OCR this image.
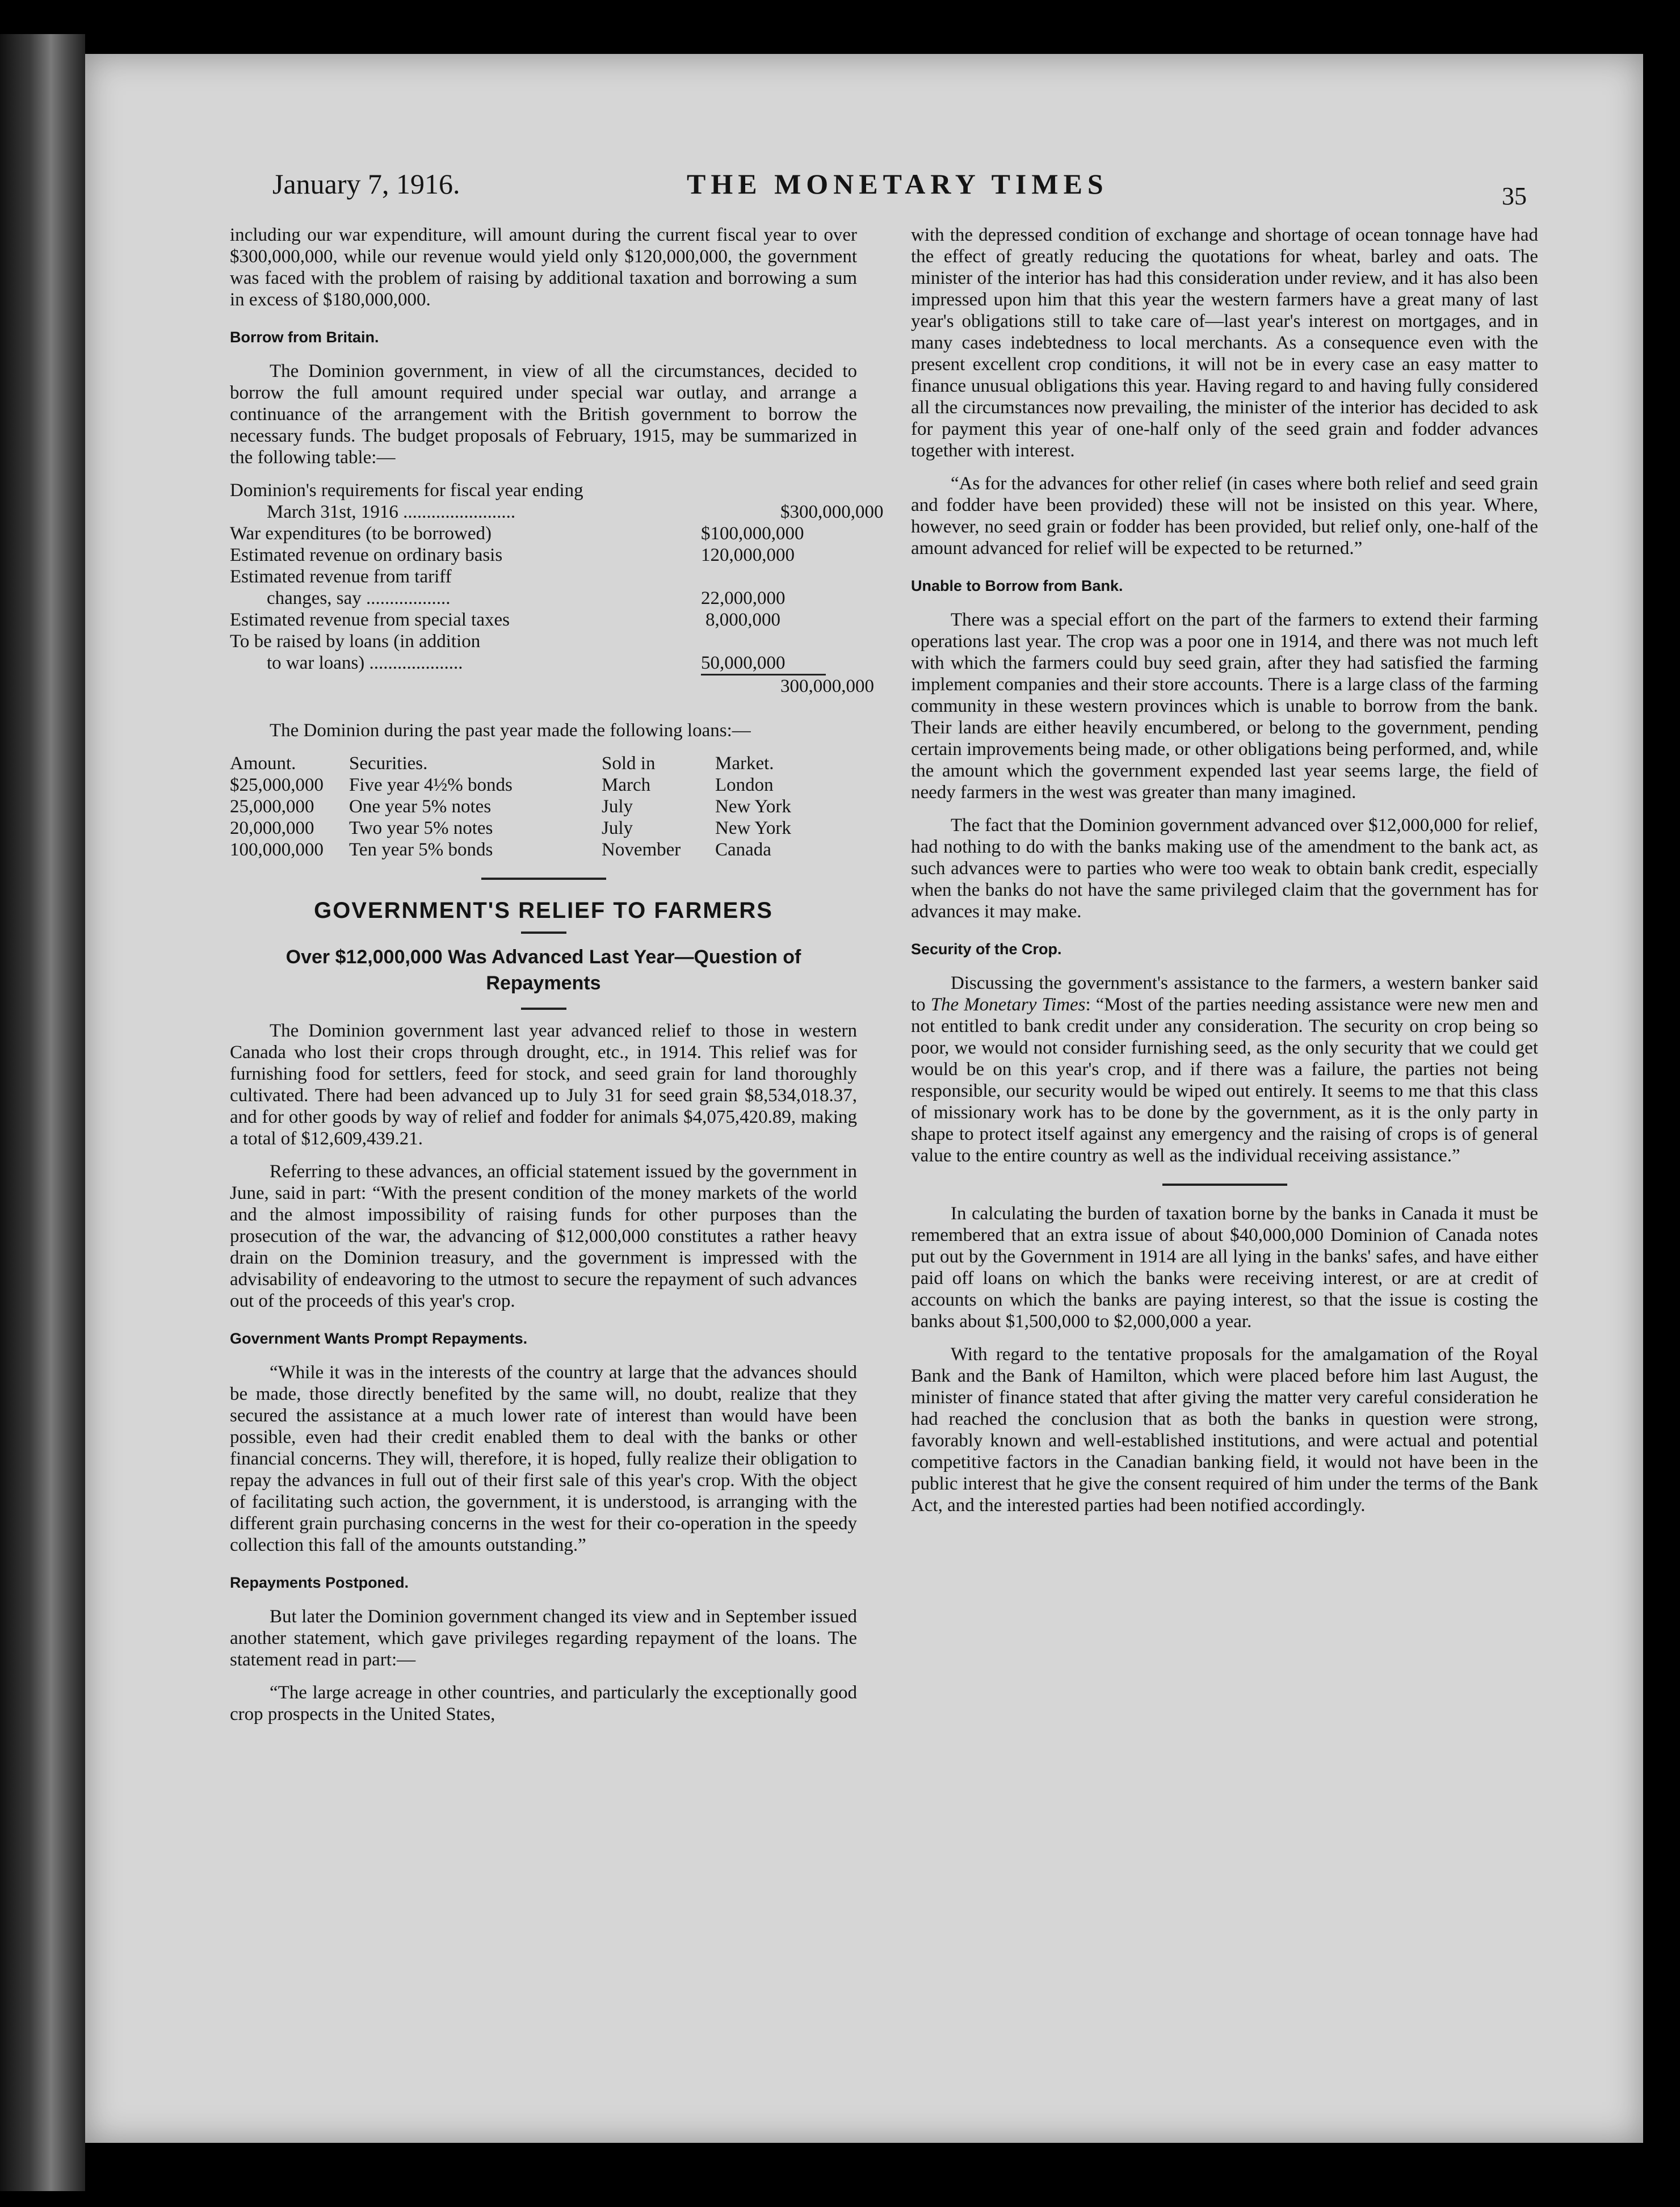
January 7, 1916.	THE MONETARY TIMES	35

including our war expenditure, will amount during the current fiscal year to over $300,000,000, while our revenue would yield only $120,000,000, the government was faced with the problem of raising by additional taxation and borrowing a sum in excess of $180,000,000.

Borrow from Britain.

The Dominion government, in view of all the circumstances, decided to borrow the full amount required under special war outlay, and arrange a continuance of the arrangement with the British government to borrow the necessary funds. The budget proposals of February, 1915, may be summarized in the following table:—

Dominion's requirements for fiscal year ending
March 31st, 1916 ........................	$300,000,000
War expenditures (to be borrowed)	$100,000,000
Estimated revenue on ordinary basis	120,000,000
Estimated revenue from tariff
changes, say ..................	22,000,000
Estimated revenue from special taxes	8,000,000
To be raised by loans (in addition
to war loans) ....................	50,000,000
300,000,000

The Dominion during the past year made the following loans:—

Amount.	Securities.	Sold in	Market.
$25,000,000	Five year 4½% bonds	March	London
25,000,000	One year 5% notes	July	New York
20,000,000	Two year 5% notes	July	New York
100,000,000	Ten year 5% bonds	November	Canada
GOVERNMENT'S RELIEF TO FARMERS
Over $12,000,000 Was Advanced Last Year—Question of Repayments

The Dominion government last year advanced relief to those in western Canada who lost their crops through drought, etc., in 1914. This relief was for furnishing food for settlers, feed for stock, and seed grain for land thoroughly cultivated. There had been advanced up to July 31 for seed grain $8,534,018.37, and for other goods by way of relief and fodder for animals $4,075,420.89, making a total of $12,609,439.21.

Referring to these advances, an official statement issued by the government in June, said in part: “With the present condition of the money markets of the world and the almost impossibility of raising funds for other purposes than the prosecution of the war, the advancing of $12,000,000 constitutes a rather heavy drain on the Dominion treasury, and the government is impressed with the advisability of endeavoring to the utmost to secure the repayment of such advances out of the proceeds of this year's crop.

Government Wants Prompt Repayments.

“While it was in the interests of the country at large that the advances should be made, those directly benefited by the same will, no doubt, realize that they secured the assistance at a much lower rate of interest than would have been possible, even had their credit enabled them to deal with the banks or other financial concerns. They will, therefore, it is hoped, fully realize their obligation to repay the advances in full out of their first sale of this year's crop. With the object of facilitating such action, the government, it is understood, is arranging with the different grain purchasing concerns in the west for their co-operation in the speedy collection this fall of the amounts outstanding.”

Repayments Postponed.

But later the Dominion government changed its view and in September issued another statement, which gave privileges regarding repayment of the loans. The statement read in part:—

“The large acreage in other countries, and particularly the exceptionally good crop prospects in the United States,

with the depressed condition of exchange and shortage of ocean tonnage have had the effect of greatly reducing the quotations for wheat, barley and oats. The minister of the interior has had this consideration under review, and it has also been impressed upon him that this year the western farmers have a great many of last year's obligations still to take care of—last year's interest on mortgages, and in many cases indebtedness to local merchants. As a consequence even with the present excellent crop conditions, it will not be in every case an easy matter to finance unusual obligations this year. Having regard to and having fully considered all the circumstances now prevailing, the minister of the interior has decided to ask for payment this year of one-half only of the seed grain and fodder advances together with interest.

“As for the advances for other relief (in cases where both relief and seed grain and fodder have been provided) these will not be insisted on this year. Where, however, no seed grain or fodder has been provided, but relief only, one-half of the amount advanced for relief will be expected to be returned.”

Unable to Borrow from Bank.

There was a special effort on the part of the farmers to extend their farming operations last year. The crop was a poor one in 1914, and there was not much left with which the farmers could buy seed grain, after they had satisfied the farming implement companies and their store accounts. There is a large class of the farming community in these western provinces which is unable to borrow from the bank. Their lands are either heavily encumbered, or belong to the government, pending certain improvements being made, or other obligations being performed, and, while the amount which the government expended last year seems large, the field of needy farmers in the west was greater than many imagined.

The fact that the Dominion government advanced over $12,000,000 for relief, had nothing to do with the banks making use of the amendment to the bank act, as such advances were to parties who were too weak to obtain bank credit, especially when the banks do not have the same privileged claim that the government has for advances it may make.

Security of the Crop.

Discussing the government's assistance to the farmers, a western banker said to The Monetary Times: “Most of the parties needing assistance were new men and not entitled to bank credit under any consideration. The security on crop being so poor, we would not consider furnishing seed, as the only security that we could get would be on this year's crop, and if there was a failure, the parties not being responsible, our security would be wiped out entirely. It seems to me that this class of missionary work has to be done by the government, as it is the only party in shape to protect itself against any emergency and the raising of crops is of general value to the entire country as well as the individual receiving assistance.”

In calculating the burden of taxation borne by the banks in Canada it must be remembered that an extra issue of about $40,000,000 Dominion of Canada notes put out by the Government in 1914 are all lying in the banks' safes, and have either paid off loans on which the banks were receiving interest, or are at credit of accounts on which the banks are paying interest, so that the issue is costing the banks about $1,500,000 to $2,000,000 a year.

With regard to the tentative proposals for the amalgamation of the Royal Bank and the Bank of Hamilton, which were placed before him last August, the minister of finance stated that after giving the matter very careful consideration he had reached the conclusion that as both the banks in question were strong, favorably known and well-established institutions, and were actual and potential competitive factors in the Canadian banking field, it would not have been in the public interest that he give the consent required of him under the terms of the Bank Act, and the interested parties had been notified accordingly.
